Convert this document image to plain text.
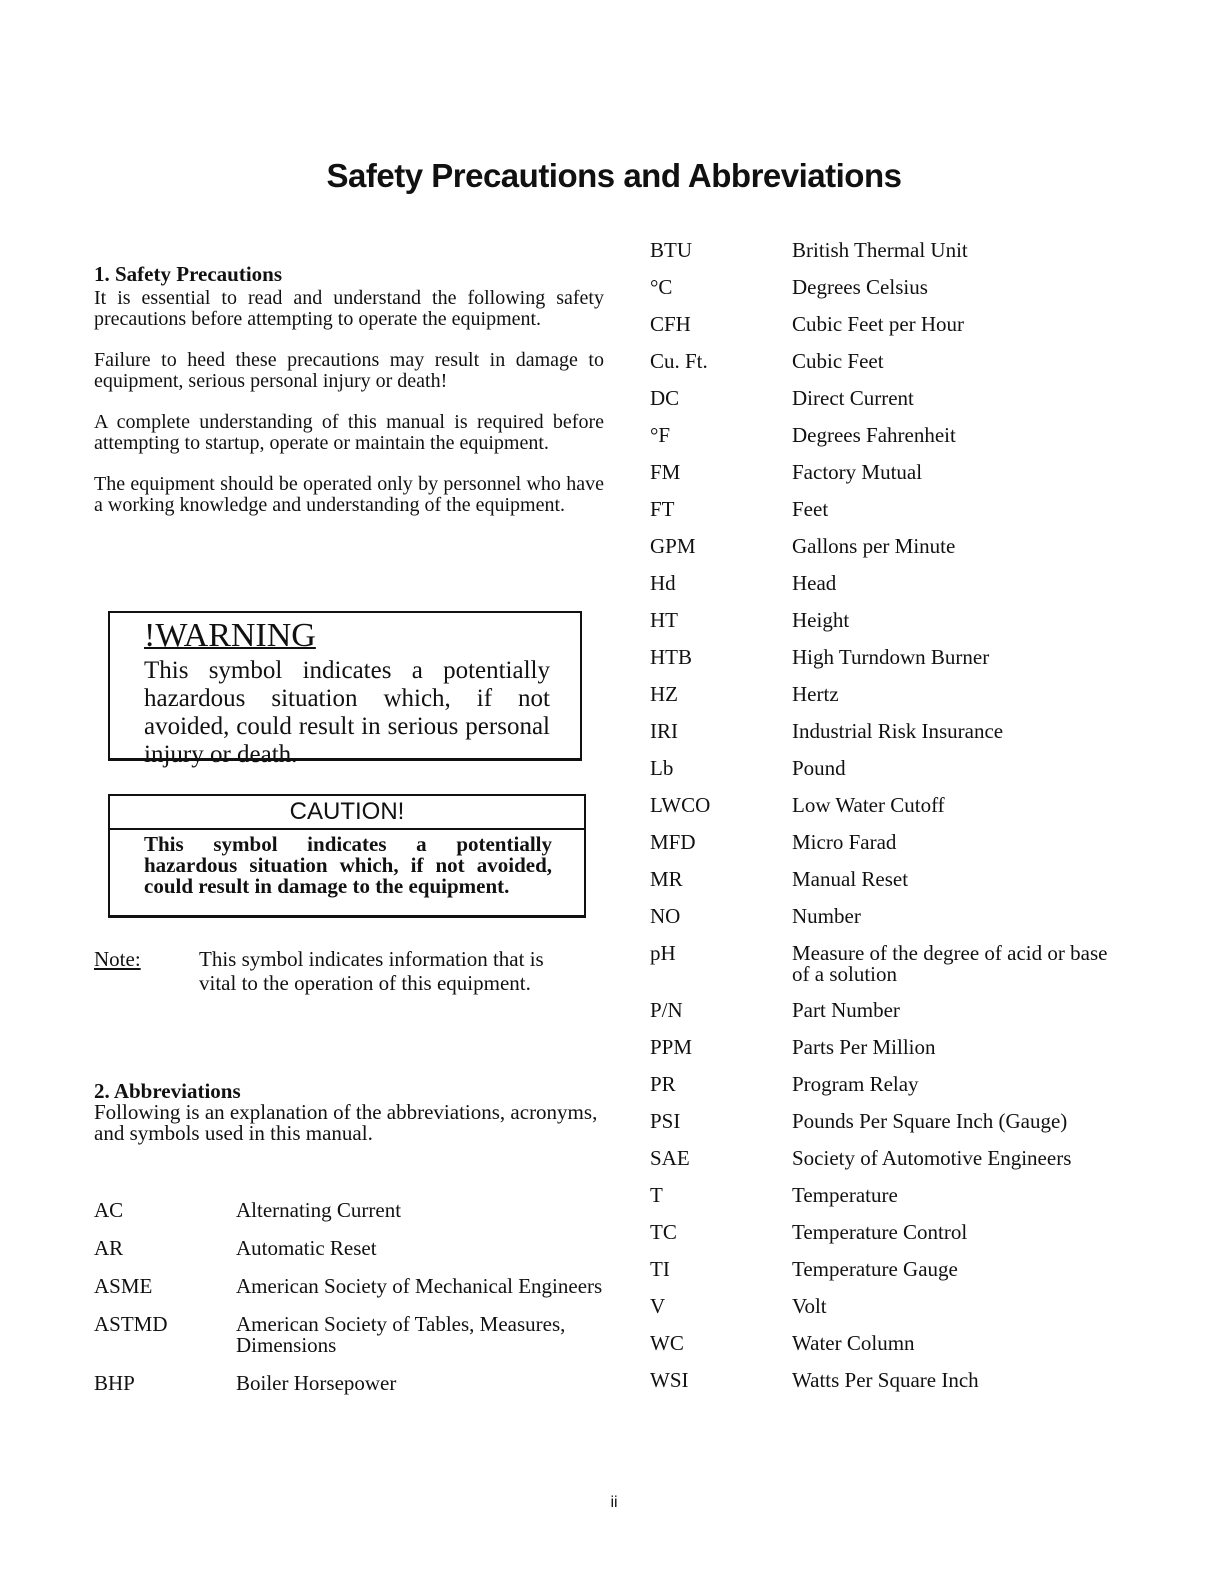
Safety Precautions and Abbreviations
1. Safety Precautions

It is essential to read and understand the following safety precautions before attempting to operate the equipment.

Failure to heed these precautions may result in damage to equipment, serious personal injury or death!

A complete understanding of this manual is required before attempting to startup, operate or maintain the equipment.

The equipment should be operated only by personnel who have a working knowledge and understanding of the equipment.

!WARNING
This symbol indicates a potentially hazardous situation which, if not avoided, could result in serious personal injury or death.
CAUTION!
This symbol indicates a potentially hazardous situation which, if not avoided, could result in damage to the equipment.
Note:	This symbol indicates information that is vital to the operation of this equipment.
2. Abbreviations
Following is an explanation of the abbreviations, acronyms, and symbols used in this manual.
AC	Alternating Current
AR	Automatic Reset
ASME	American Society of Mechanical Engineers
ASTMD	American Society of Tables, Measures, Dimensions
BHP	Boiler Horsepower
BTU	British Thermal Unit
°C	Degrees Celsius
CFH	Cubic Feet per Hour
Cu. Ft.	Cubic Feet
DC	Direct Current
°F	Degrees Fahrenheit
FM	Factory Mutual
FT	Feet
GPM	Gallons per Minute
Hd	Head
HT	Height
HTB	High Turndown Burner
HZ	Hertz
IRI	Industrial Risk Insurance
Lb	Pound
LWCO	Low Water Cutoff
MFD	Micro Farad
MR	Manual Reset
NO	Number
pH	Measure of the degree of acid or base of a solution
P/N	Part Number
PPM	Parts Per Million
PR	Program Relay
PSI	Pounds Per Square Inch (Gauge)
SAE	Society of Automotive Engineers
T	Temperature
TC	Temperature Control
TI	Temperature Gauge
V	Volt
WC	Water Column
WSI	Watts Per Square Inch
ii
